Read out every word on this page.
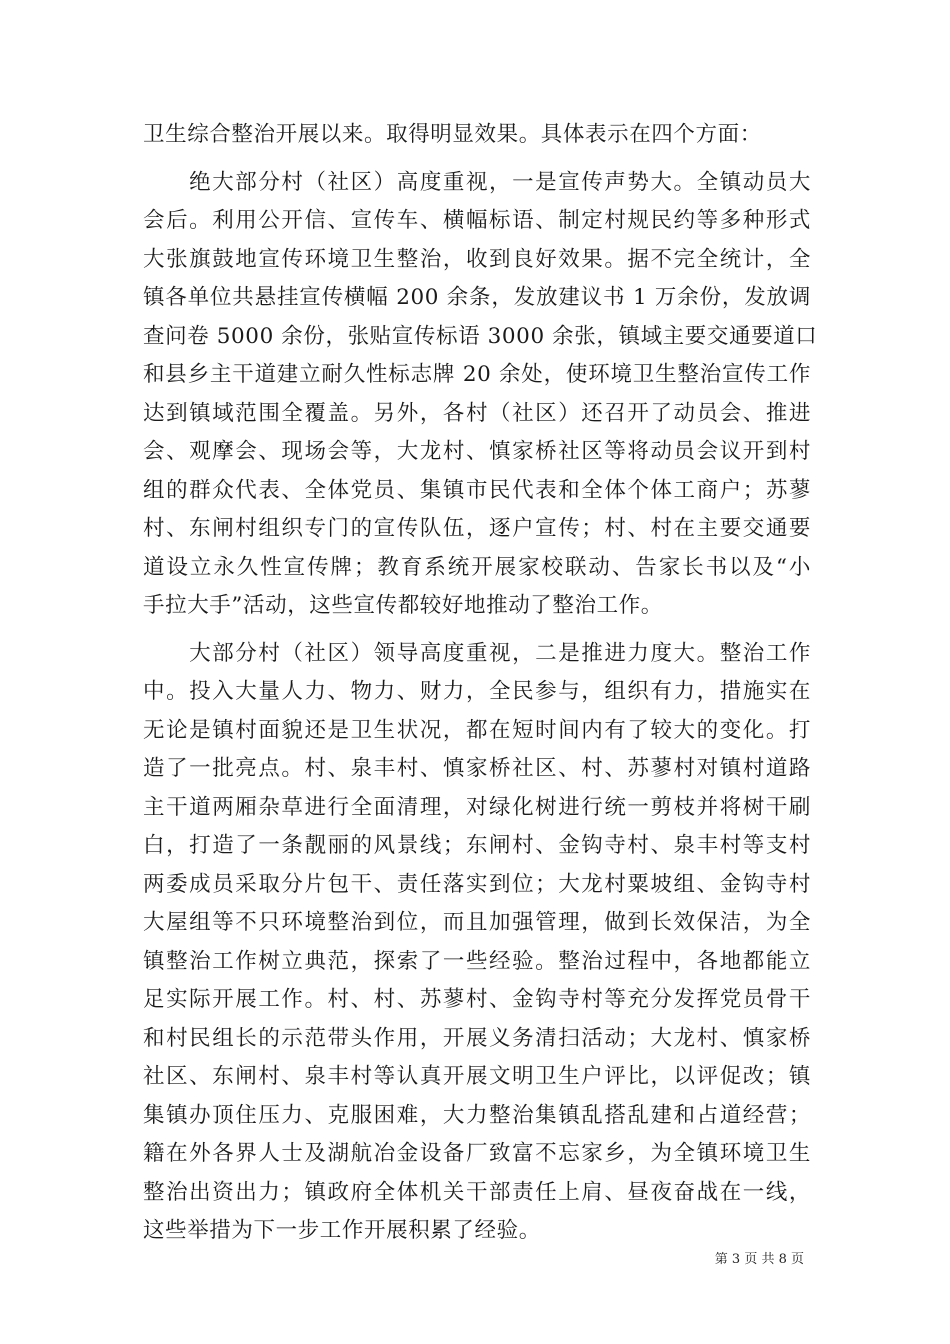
卫生综合整治开展以来。取得明显效果。具体表示在四个方面：

　　绝大部分村（社区）高度重视，一是宣传声势大。全镇动员大
会后。利用公开信、宣传车、横幅标语、制定村规民约等多种形式
大张旗鼓地宣传环境卫生整治，收到良好效果。据不完全统计，全
镇各单位共悬挂宣传横幅 200 余条，发放建议书 1 万余份，发放调
查问卷 5000 余份，张贴宣传标语 3000 余张，镇域主要交通要道口
和县乡主干道建立耐久性标志牌 20 余处，使环境卫生整治宣传工作
达到镇域范围全覆盖。另外，各村（社区）还召开了动员会、推进
会、观摩会、现场会等，大龙村、慎家桥社区等将动员会议开到村
组的群众代表、全体党员、集镇市民代表和全体个体工商户；苏蓼
村、东闸村组织专门的宣传队伍，逐户宣传；村、村在主要交通要
道设立永久性宣传牌；教育系统开展家校联动、告家长书以及“小
手拉大手”活动，这些宣传都较好地推动了整治工作。

　　大部分村（社区）领导高度重视，二是推进力度大。整治工作
中。投入大量人力、物力、财力，全民参与，组织有力，措施实在
无论是镇村面貌还是卫生状况，都在短时间内有了较大的变化。打
造了一批亮点。村、泉丰村、慎家桥社区、村、苏蓼村对镇村道路
主干道两厢杂草进行全面清理，对绿化树进行统一剪枝并将树干刷
白，打造了一条靓丽的风景线；东闸村、金钩寺村、泉丰村等支村
两委成员采取分片包干、责任落实到位；大龙村粟坡组、金钩寺村
大屋组等不只环境整治到位，而且加强管理，做到长效保洁，为全
镇整治工作树立典范，探索了一些经验。整治过程中，各地都能立
足实际开展工作。村、村、苏蓼村、金钩寺村等充分发挥党员骨干
和村民组长的示范带头作用，开展义务清扫活动；大龙村、慎家桥
社区、东闸村、泉丰村等认真开展文明卫生户评比，以评促改；镇
集镇办顶住压力、克服困难，大力整治集镇乱搭乱建和占道经营；
籍在外各界人士及湖航冶金设备厂致富不忘家乡，为全镇环境卫生
整治出资出力；镇政府全体机关干部责任上肩、昼夜奋战在一线，
这些举措为下一步工作开展积累了经验。

第 3 页 共 8 页
